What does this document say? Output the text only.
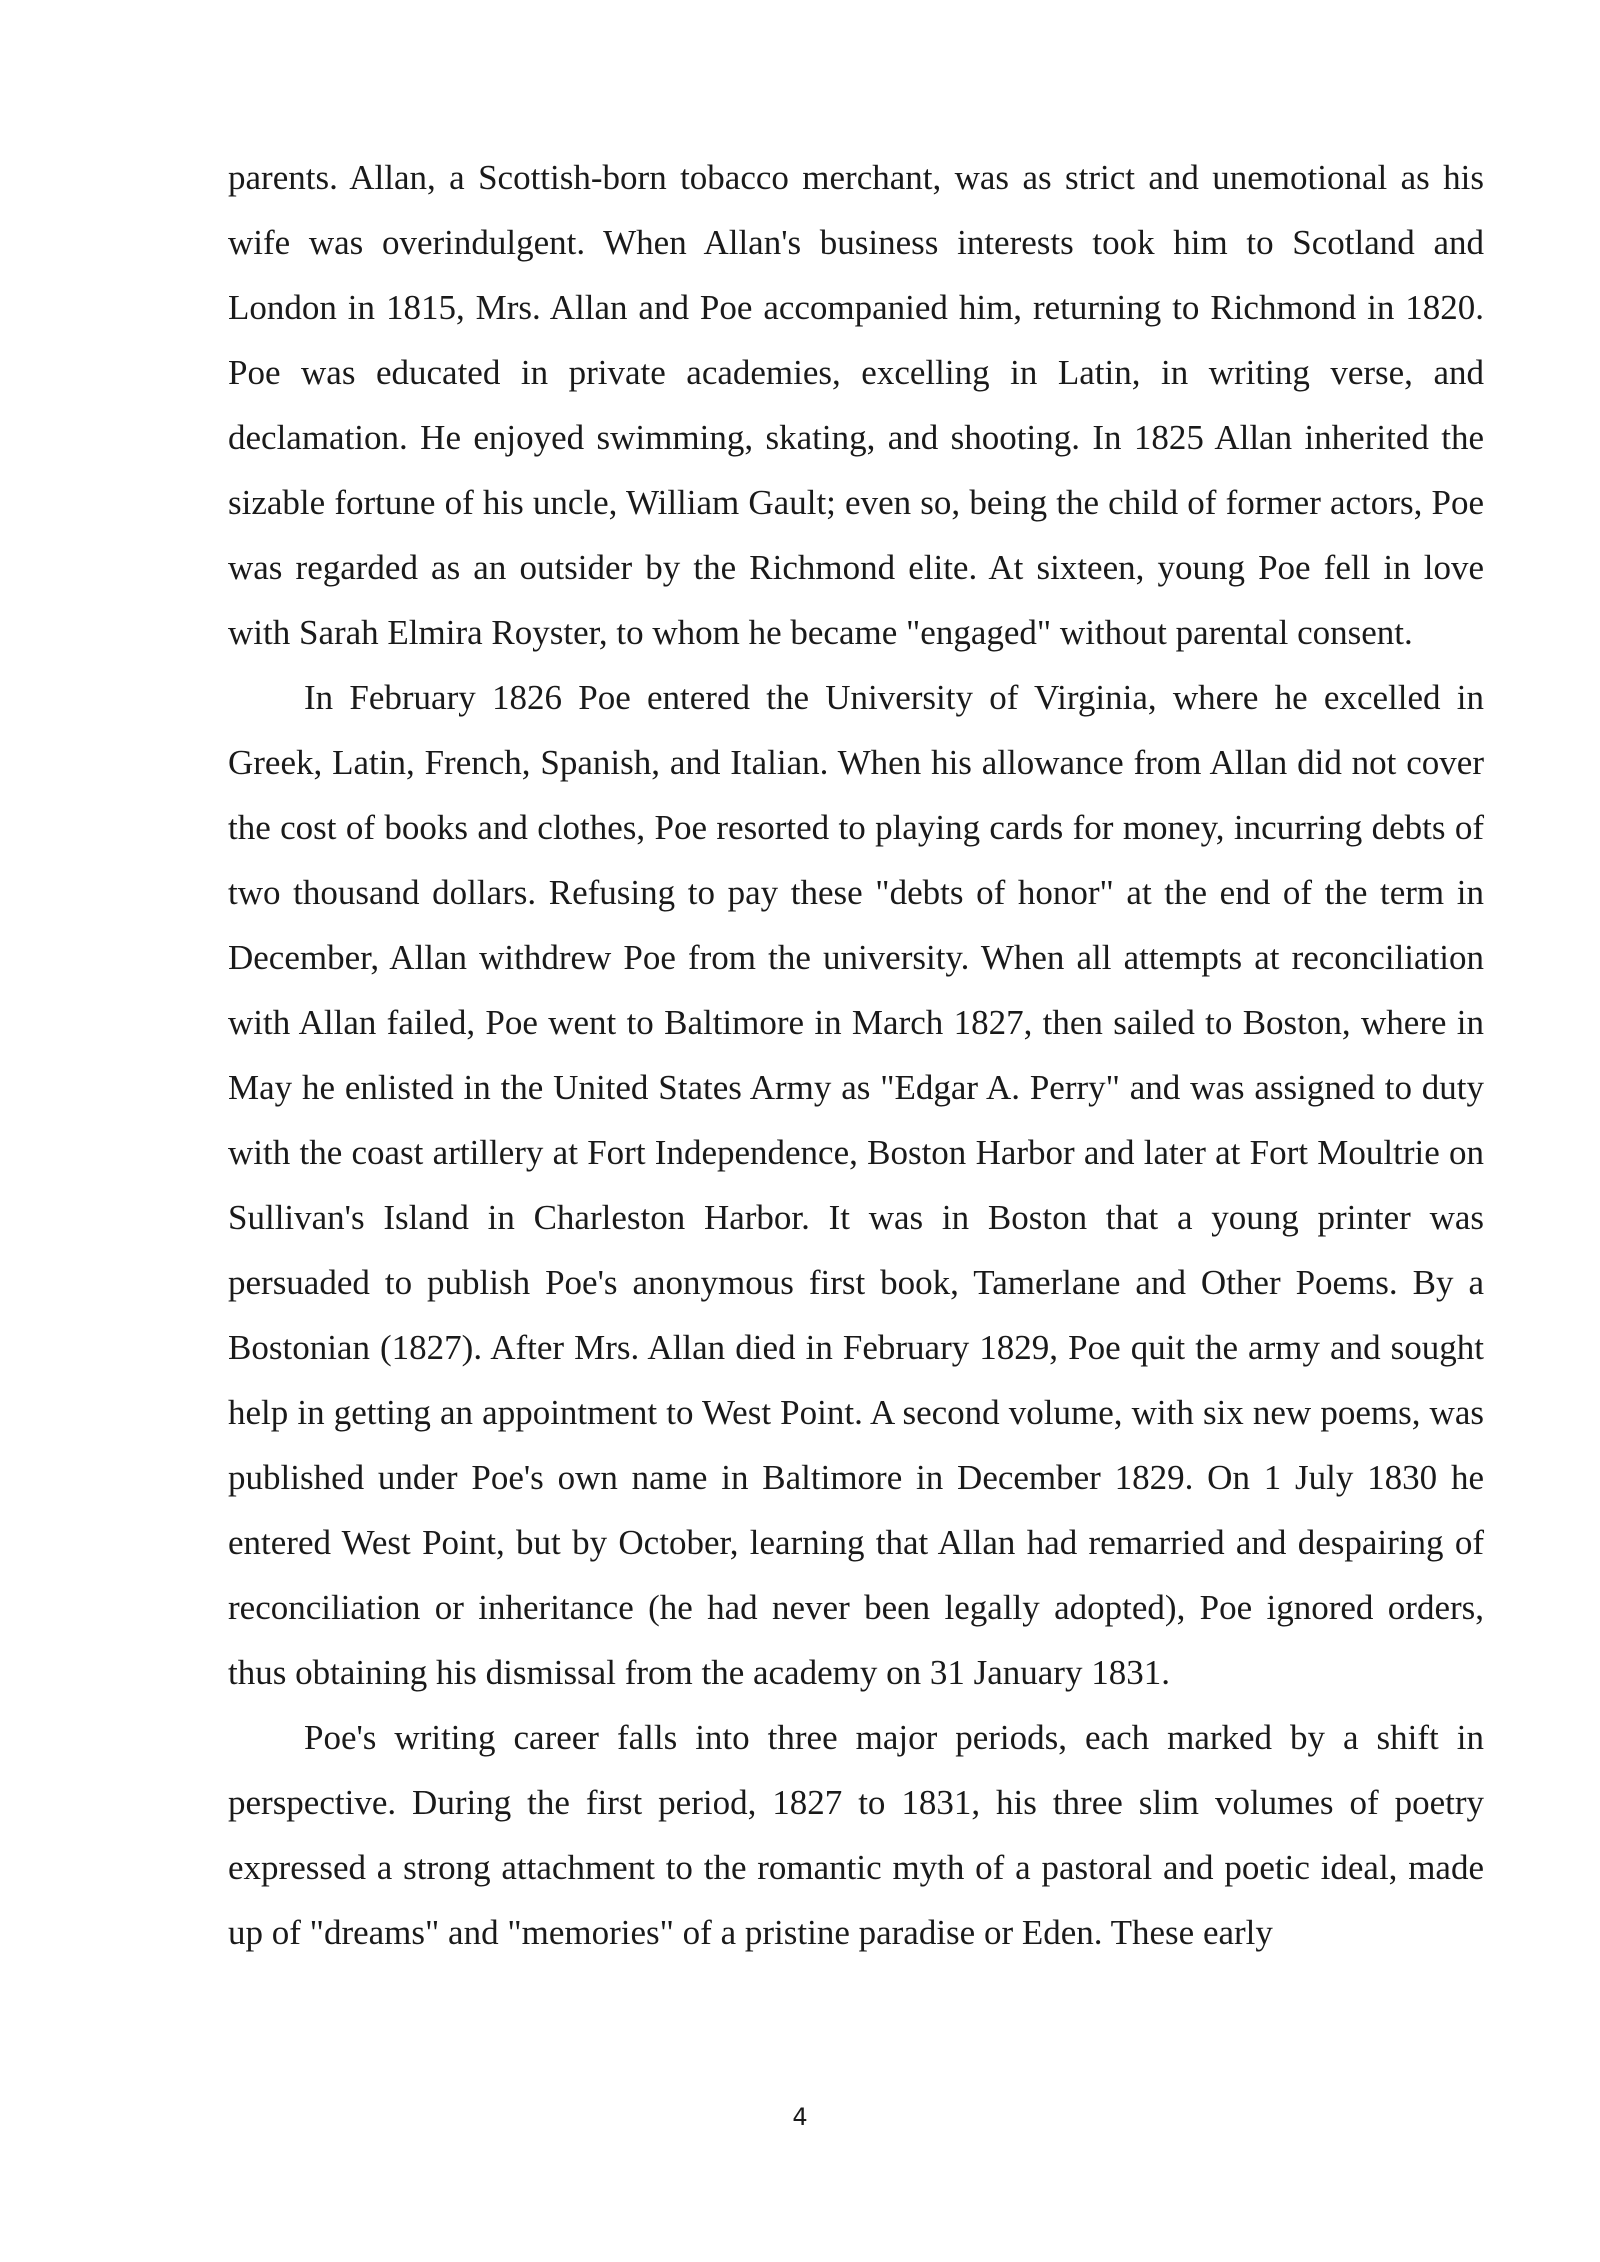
parents. Allan, a Scottish-born tobacco merchant, was as strict and unemotional as his wife was overindulgent. When Allan's business interests took him to Scotland and London in 1815, Mrs. Allan and Poe accompanied him, returning to Richmond in 1820. Poe was educated in private academies, excelling in Latin, in writing verse, and declamation. He enjoyed swimming, skating, and shooting. In 1825 Allan inherited the sizable fortune of his uncle, William Gault; even so, being the child of former actors, Poe was regarded as an outsider by the Richmond elite. At sixteen, young Poe fell in love with Sarah Elmira Royster, to whom he became "engaged" without parental consent.

In February 1826 Poe entered the University of Virginia, where he excelled in Greek, Latin, French, Spanish, and Italian. When his allowance from Allan did not cover the cost of books and clothes, Poe resorted to playing cards for money, incurring debts of two thousand dollars. Refusing to pay these "debts of honor" at the end of the term in December, Allan withdrew Poe from the university. When all attempts at reconciliation with Allan failed, Poe went to Baltimore in March 1827, then sailed to Boston, where in May he enlisted in the United States Army as "Edgar A. Perry" and was assigned to duty with the coast artillery at Fort Independence, Boston Harbor and later at Fort Moultrie on Sullivan's Island in Charleston Harbor. It was in Boston that a young printer was persuaded to publish Poe's anonymous first book, Tamerlane and Other Poems. By a Bostonian (1827). After Mrs. Allan died in February 1829, Poe quit the army and sought help in getting an appointment to West Point. A second volume, with six new poems, was published under Poe's own name in Baltimore in December 1829. On 1 July 1830 he entered West Point, but by October, learning that Allan had remarried and despairing of reconciliation or inheritance (he had never been legally adopted), Poe ignored orders, thus obtaining his dismissal from the academy on 31 January 1831.

Poe's writing career falls into three major periods, each marked by a shift in perspective. During the first period, 1827 to 1831, his three slim volumes of poetry expressed a strong attachment to the romantic myth of a pastoral and poetic ideal, made up of "dreams" and "memories" of a pristine paradise or Eden. These early

4
